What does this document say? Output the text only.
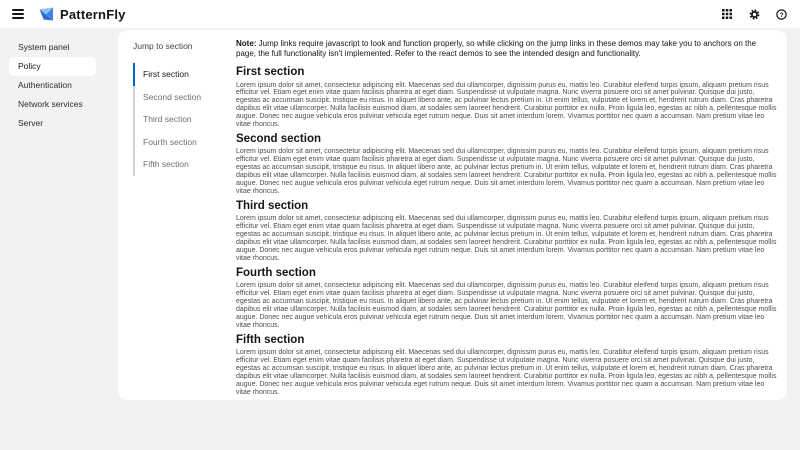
PatternFly	?
System panel
Policy
Authentication
Network services
Server
Jump to section
First section
Second section
Third section
Fourth section
Fifth section

Note: Jump links require javascript to look and function properly, so while clicking on the jump links in these demos may take you to anchors on the page, the full functionality isn't implemented. Refer to the react demos to see the intended design and functionality.

First section

Lorem ipsum dolor sit amet, consectetur adipiscing elit. Maecenas sed dui ullamcorper, dignissim purus eu, mattis leo. Curabitur eleifend turpis ipsum, aliquam pretium risus efficitur vel. Etiam eget enim vitae quam facilisis pharetra at eget diam. Suspendisse ut vulputate magna. Nunc viverra posuere orci sit amet pulvinar. Quisque dui justo, egestas ac accumsan suscipit, tristique eu risus. In aliquet libero ante, ac pulvinar lectus pretium in. Ut enim tellus, vulputate et lorem et, hendrerit rutrum diam. Cras pharetra dapibus elit vitae ullamcorper. Nulla facilisis euismod diam, at sodales sem laoreet hendrerit. Curabitur porttitor ex nulla. Proin ligula leo, egestas ac nibh a, pellentesque mollis augue. Donec nec augue vehicula eros pulvinar vehicula eget rutrum neque. Duis sit amet interdum lorem. Vivamus porttitor nec quam a accumsan. Nam pretium vitae leo vitae rhoncus.

Second section

Lorem ipsum dolor sit amet, consectetur adipiscing elit. Maecenas sed dui ullamcorper, dignissim purus eu, mattis leo. Curabitur eleifend turpis ipsum, aliquam pretium risus efficitur vel. Etiam eget enim vitae quam facilisis pharetra at eget diam. Suspendisse ut vulputate magna. Nunc viverra posuere orci sit amet pulvinar. Quisque dui justo, egestas ac accumsan suscipit, tristique eu risus. In aliquet libero ante, ac pulvinar lectus pretium in. Ut enim tellus, vulputate et lorem et, hendrerit rutrum diam. Cras pharetra dapibus elit vitae ullamcorper. Nulla facilisis euismod diam, at sodales sem laoreet hendrerit. Curabitur porttitor ex nulla. Proin ligula leo, egestas ac nibh a, pellentesque mollis augue. Donec nec augue vehicula eros pulvinar vehicula eget rutrum neque. Duis sit amet interdum lorem. Vivamus porttitor nec quam a accumsan. Nam pretium vitae leo vitae rhoncus.

Third section

Lorem ipsum dolor sit amet, consectetur adipiscing elit. Maecenas sed dui ullamcorper, dignissim purus eu, mattis leo. Curabitur eleifend turpis ipsum, aliquam pretium risus efficitur vel. Etiam eget enim vitae quam facilisis pharetra at eget diam. Suspendisse ut vulputate magna. Nunc viverra posuere orci sit amet pulvinar. Quisque dui justo, egestas ac accumsan suscipit, tristique eu risus. In aliquet libero ante, ac pulvinar lectus pretium in. Ut enim tellus, vulputate et lorem et, hendrerit rutrum diam. Cras pharetra dapibus elit vitae ullamcorper. Nulla facilisis euismod diam, at sodales sem laoreet hendrerit. Curabitur porttitor ex nulla. Proin ligula leo, egestas ac nibh a, pellentesque mollis augue. Donec nec augue vehicula eros pulvinar vehicula eget rutrum neque. Duis sit amet interdum lorem. Vivamus porttitor nec quam a accumsan. Nam pretium vitae leo vitae rhoncus.

Fourth section

Lorem ipsum dolor sit amet, consectetur adipiscing elit. Maecenas sed dui ullamcorper, dignissim purus eu, mattis leo. Curabitur eleifend turpis ipsum, aliquam pretium risus efficitur vel. Etiam eget enim vitae quam facilisis pharetra at eget diam. Suspendisse ut vulputate magna. Nunc viverra posuere orci sit amet pulvinar. Quisque dui justo, egestas ac accumsan suscipit, tristique eu risus. In aliquet libero ante, ac pulvinar lectus pretium in. Ut enim tellus, vulputate et lorem et, hendrerit rutrum diam. Cras pharetra dapibus elit vitae ullamcorper. Nulla facilisis euismod diam, at sodales sem laoreet hendrerit. Curabitur porttitor ex nulla. Proin ligula leo, egestas ac nibh a, pellentesque mollis augue. Donec nec augue vehicula eros pulvinar vehicula eget rutrum neque. Duis sit amet interdum lorem. Vivamus porttitor nec quam a accumsan. Nam pretium vitae leo vitae rhoncus.

Fifth section

Lorem ipsum dolor sit amet, consectetur adipiscing elit. Maecenas sed dui ullamcorper, dignissim purus eu, mattis leo. Curabitur eleifend turpis ipsum, aliquam pretium risus efficitur vel. Etiam eget enim vitae quam facilisis pharetra at eget diam. Suspendisse ut vulputate magna. Nunc viverra posuere orci sit amet pulvinar. Quisque dui justo, egestas ac accumsan suscipit, tristique eu risus. In aliquet libero ante, ac pulvinar lectus pretium in. Ut enim tellus, vulputate et lorem et, hendrerit rutrum diam. Cras pharetra dapibus elit vitae ullamcorper. Nulla facilisis euismod diam, at sodales sem laoreet hendrerit. Curabitur porttitor ex nulla. Proin ligula leo, egestas ac nibh a, pellentesque mollis augue. Donec nec augue vehicula eros pulvinar vehicula eget rutrum neque. Duis sit amet interdum lorem. Vivamus porttitor nec quam a accumsan. Nam pretium vitae leo vitae rhoncus.
